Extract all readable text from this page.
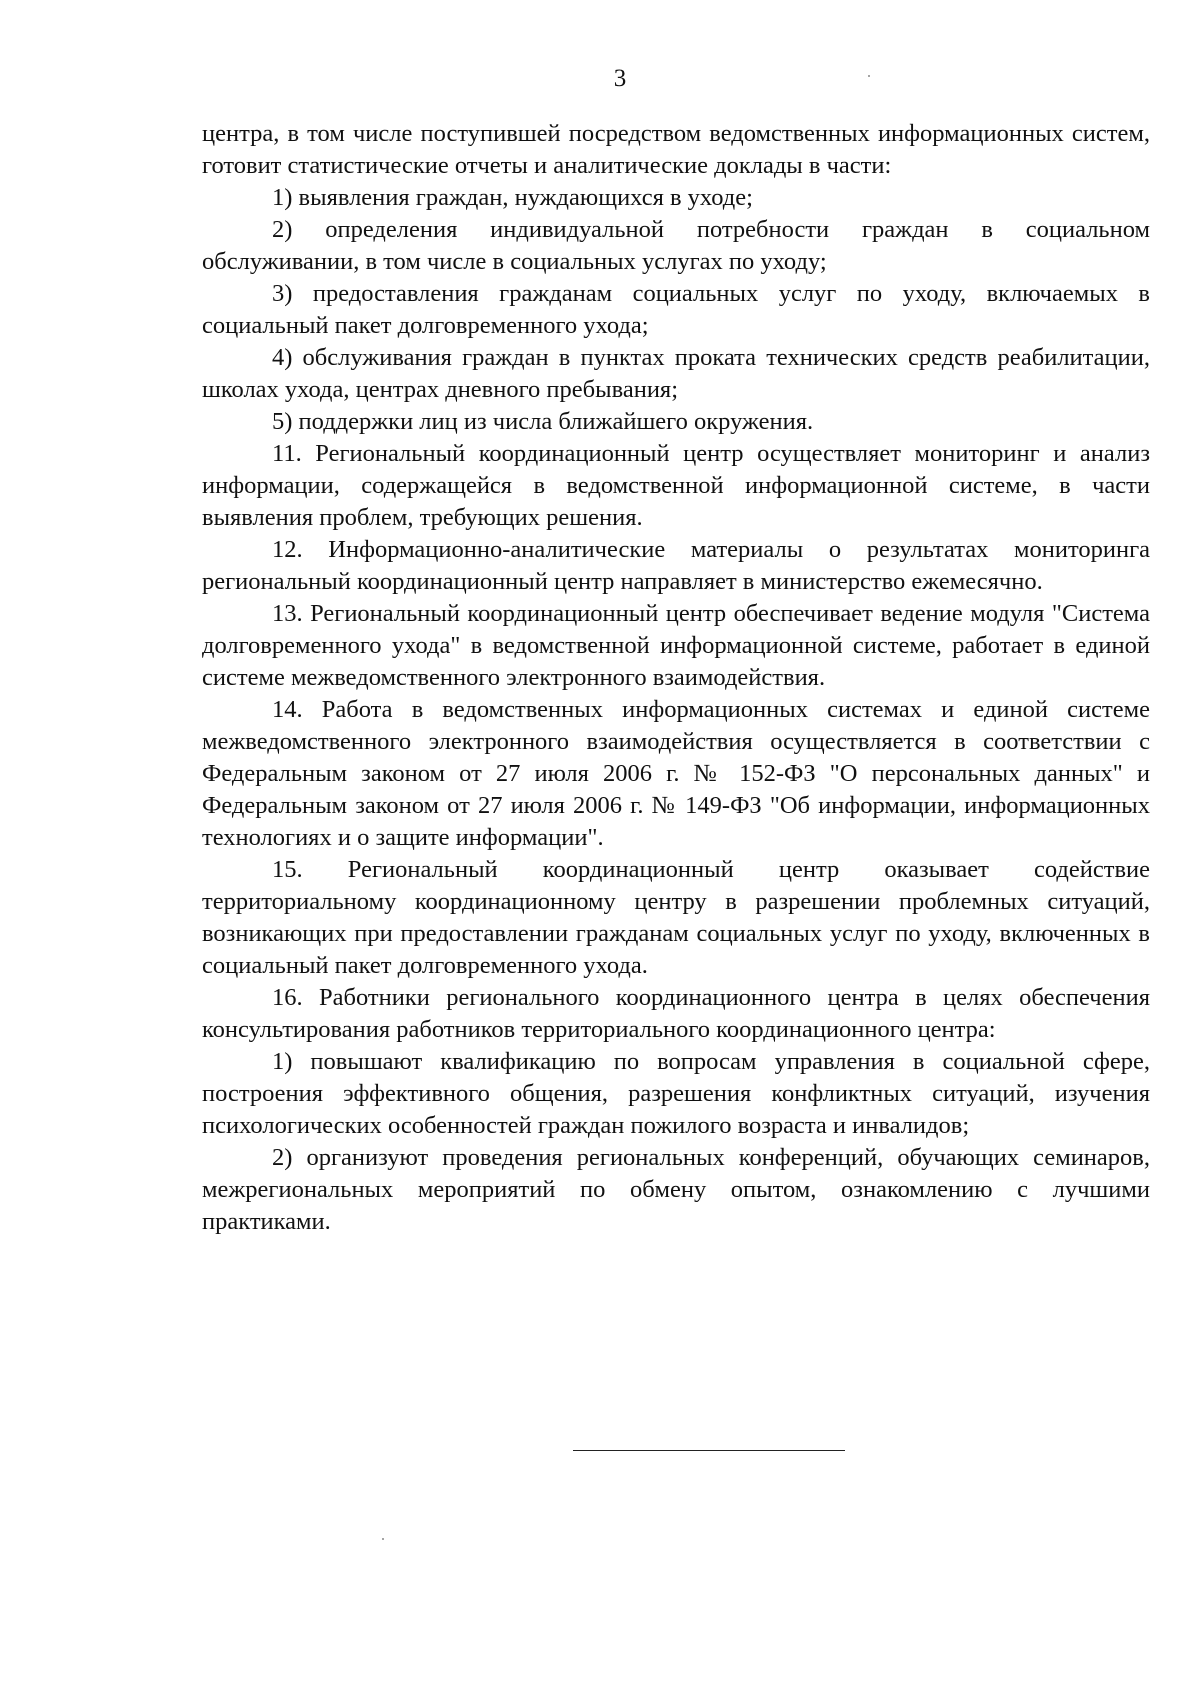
3

центра, в том числе поступившей посредством ведомственных информационных систем, готовит статистические отчеты и аналитические доклады в части:

1) выявления граждан, нуждающихся в уходе;

2) определения индивидуальной потребности граждан в социальном обслуживании, в том числе в социальных услугах по уходу;

3) предоставления гражданам социальных услуг по уходу, включаемых в социальный пакет долговременного ухода;

4) обслуживания граждан в пунктах проката технических средств реабилитации, школах ухода, центрах дневного пребывания;

5) поддержки лиц из числа ближайшего окружения.

11. Региональный координационный центр осуществляет мониторинг и анализ информации, содержащейся в ведомственной информационной системе, в части выявления проблем, требующих решения.

12. Информационно-аналитические материалы о результатах мониторинга региональный координационный центр направляет в министерство ежемесячно.

13. Региональный координационный центр обеспечивает ведение модуля "Система долговременного ухода" в ведомственной информационной системе, работает в единой системе межведомственного электронного взаимодействия.

14. Работа в ведомственных информационных системах и единой системе межведомственного электронного взаимодействия осуществляется в соответствии с Федеральным законом от 27 июля 2006 г. № 152-ФЗ "О персональных данных" и Федеральным законом от 27 июля 2006 г. № 149-ФЗ "Об информации, информационных технологиях и о защите информации".

15. Региональный координационный центр оказывает содействие территориальному координационному центру в разрешении проблемных ситуаций, возникающих при предоставлении гражданам социальных услуг по уходу, включенных в социальный пакет долговременного ухода.

16. Работники регионального координационного центра в целях обеспечения консультирования работников территориального координационного центра:

1) повышают квалификацию по вопросам управления в социальной сфере, построения эффективного общения, разрешения конфликтных ситуаций, изучения психологических особенностей граждан пожилого возраста и инвалидов;

2) организуют проведения региональных конференций, обучающих семинаров, межрегиональных мероприятий по обмену опытом, ознакомлению с лучшими практиками.
